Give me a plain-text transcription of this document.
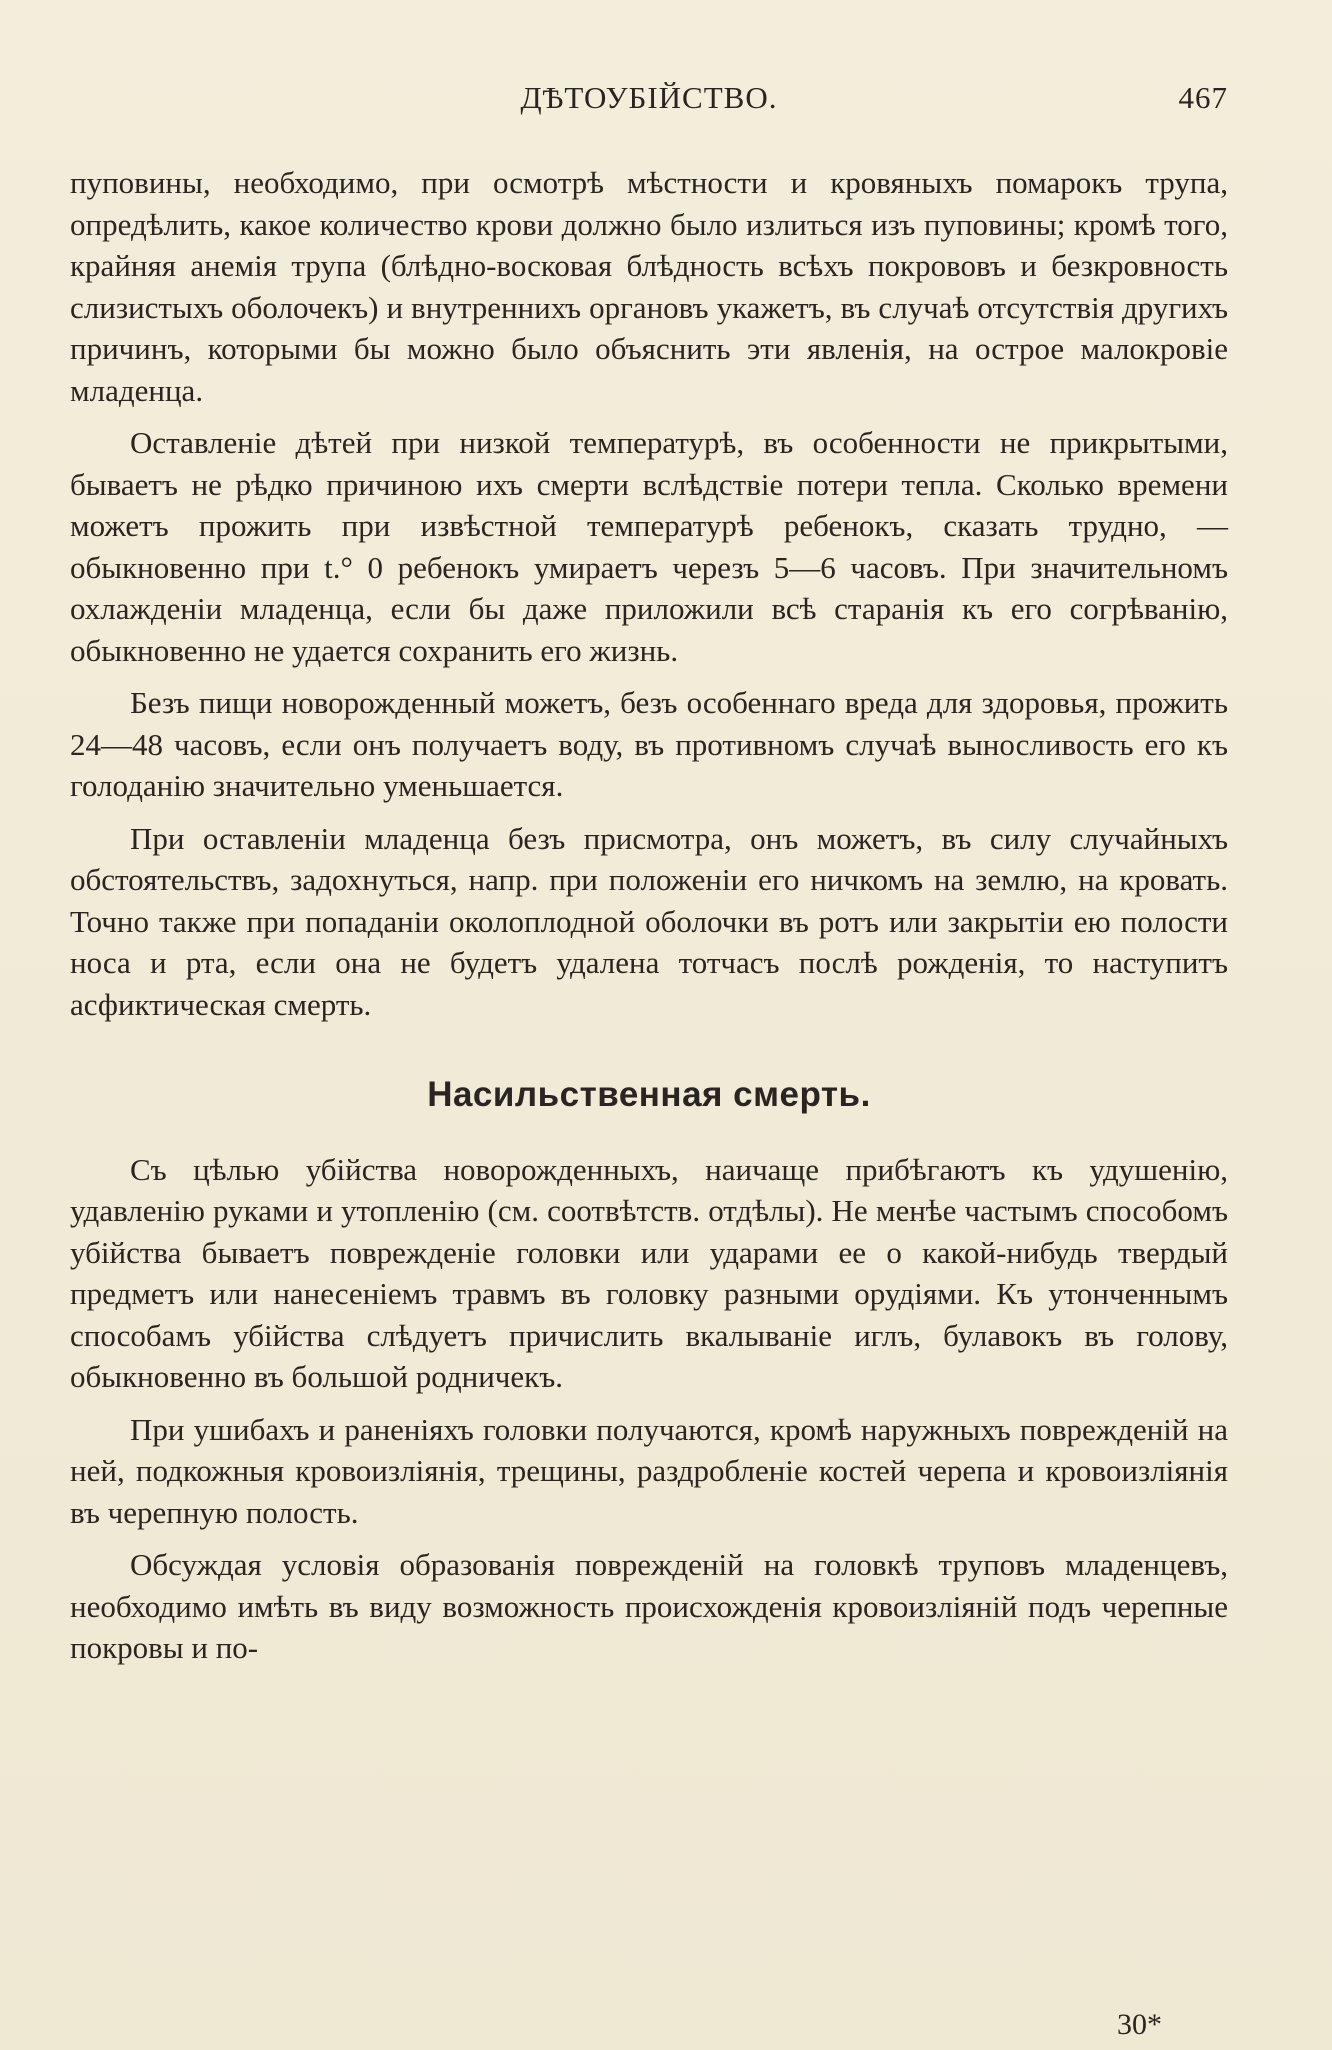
ДѢТОУБІЙСТВО.	467

пуповины, необходимо, при осмотрѣ мѣстности и кровяныхъ помарокъ трупа, опредѣлить, какое количество крови должно было излиться изъ пуповины; кромѣ того, крайняя анемія трупа (блѣдно-восковая блѣдность всѣхъ покрововъ и безкровность слизистыхъ оболочекъ) и внутреннихъ органовъ укажетъ, въ случаѣ отсутствія другихъ причинъ, которыми бы можно было объяснить эти явленія, на острое малокровіе младенца.

Оставленіе дѣтей при низкой температурѣ, въ особенности не прикрытыми, бываетъ не рѣдко причиною ихъ смерти вслѣдствіе потери тепла. Сколько времени можетъ прожить при извѣстной температурѣ ребенокъ, сказать трудно, — обыкновенно при t.° 0 ребенокъ умираетъ черезъ 5—6 часовъ. При значительномъ охлажденіи младенца, если бы даже приложили всѣ старанія къ его согрѣванію, обыкновенно не удается сохранить его жизнь.

Безъ пищи новорожденный можетъ, безъ особеннаго вреда для здоровья, прожить 24—48 часовъ, если онъ получаетъ воду, въ противномъ случаѣ выносливость его къ голоданію значительно уменьшается.

При оставленіи младенца безъ присмотра, онъ можетъ, въ силу случайныхъ обстоятельствъ, задохнуться, напр. при положеніи его ничкомъ на землю, на кровать. Точно также при попаданіи околоплодной оболочки въ ротъ или закрытіи ею полости носа и рта, если она не будетъ удалена тотчасъ послѣ рожденія, то наступитъ асфиктическая смерть.

Насильственная смерть.

Съ цѣлью убійства новорожденныхъ, наичаще прибѣгаютъ къ удушенію, удавленію руками и утопленію (см. соотвѣтств. отдѣлы). Не менѣе частымъ способомъ убійства бываетъ поврежденіе головки или ударами ее о какой-нибудь твердый предметъ или нанесеніемъ травмъ въ головку разными орудіями. Къ утонченнымъ способамъ убійства слѣдуетъ причислить вкалываніе иглъ, булавокъ въ голову, обыкновенно въ большой родничекъ.

При ушибахъ и раненіяхъ головки получаются, кромѣ наружныхъ поврежденій на ней, подкожныя кровоизліянія, трещины, раздробленіе костей черепа и кровоизліянія въ черепную полость.

Обсуждая условія образованія поврежденій на головкѣ труповъ младенцевъ, необходимо имѣть въ виду возможность происхожденія кровоизліяній подъ черепные покровы и по-

30*
